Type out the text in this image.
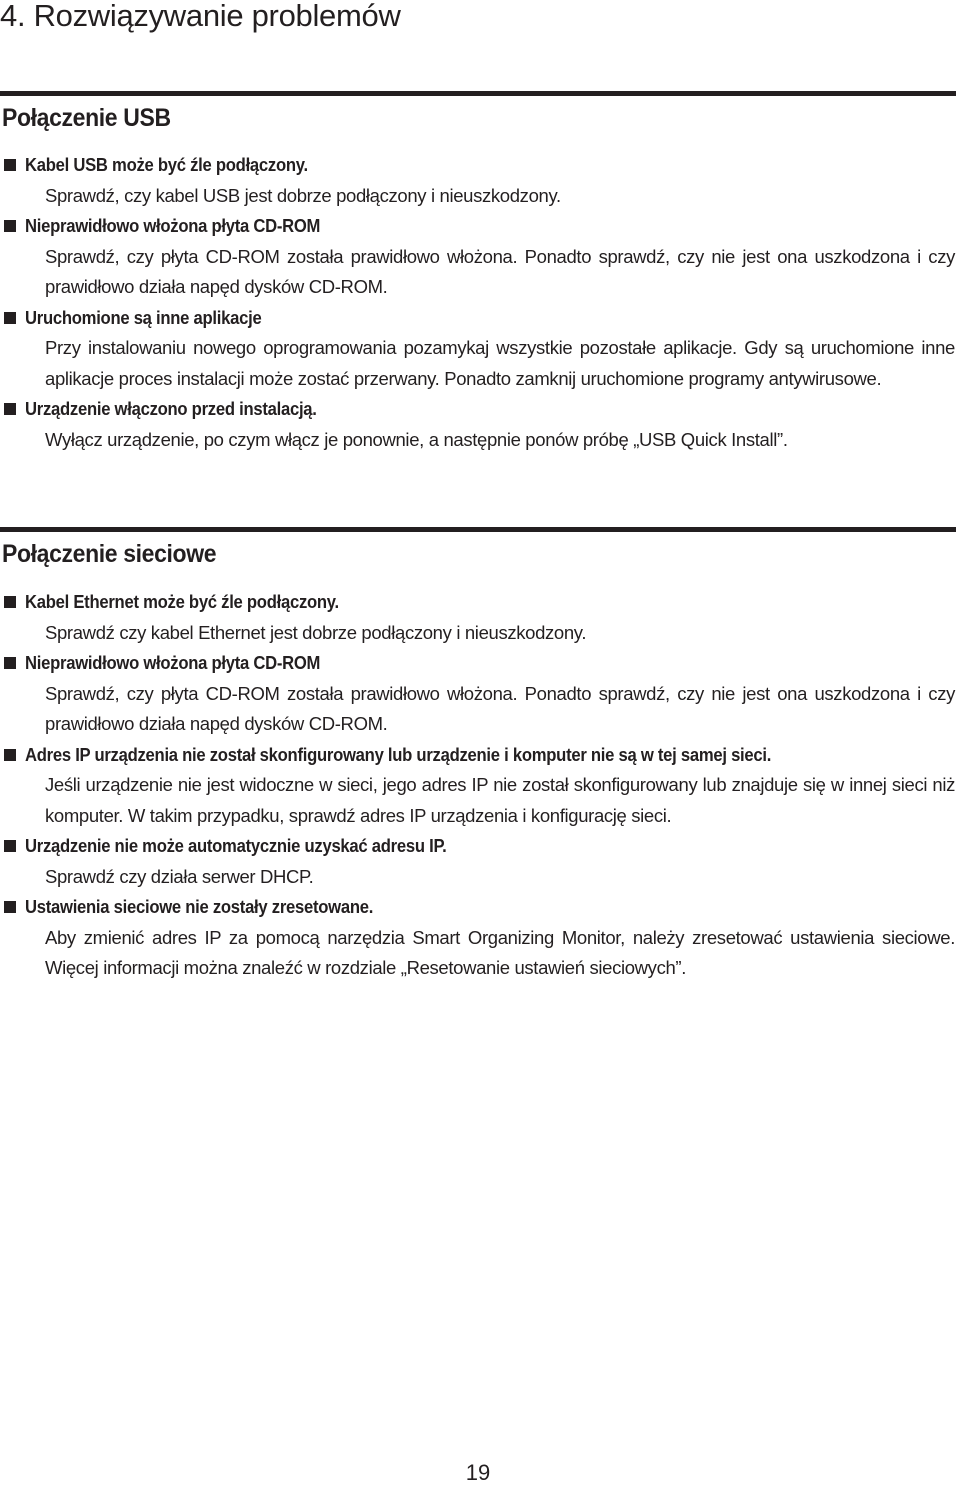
4. Rozwiązywanie problemów
Połączenie USB
Kabel USB może być źle podłączony.

Sprawdź, czy kabel USB jest dobrze podłączony i nieuszkodzony.

Nieprawidłowo włożona płyta CD-ROM

Sprawdź, czy płyta CD-ROM została prawidłowo włożona. Ponadto sprawdź, czy nie jest ona uszkodzona i czy prawidłowo działa napęd dysków CD-ROM.

Uruchomione są inne aplikacje

Przy instalowaniu nowego oprogramowania pozamykaj wszystkie pozostałe aplikacje. Gdy są uruchomione inne aplikacje proces instalacji może zostać przerwany. Ponadto zamknij uruchomione programy antywirusowe.

Urządzenie włączono przed instalacją.

Wyłącz urządzenie, po czym włącz je ponownie, a następnie ponów próbę „USB Quick Install”.

Połączenie sieciowe
Kabel Ethernet może być źle podłączony.

Sprawdź czy kabel Ethernet jest dobrze podłączony i nieuszkodzony.

Nieprawidłowo włożona płyta CD-ROM

Sprawdź, czy płyta CD-ROM została prawidłowo włożona. Ponadto sprawdź, czy nie jest ona uszkodzona i czy prawidłowo działa napęd dysków CD-ROM.

Adres IP urządzenia nie został skonfigurowany lub urządzenie i komputer nie są w tej samej sieci.

Jeśli urządzenie nie jest widoczne w sieci, jego adres IP nie został skonfigurowany lub znajduje się w innej sieci niż komputer. W takim przypadku, sprawdź adres IP urządzenia i konfigurację sieci.

Urządzenie nie może automatycznie uzyskać adresu IP.

Sprawdź czy działa serwer DHCP.

Ustawienia sieciowe nie zostały zresetowane.

Aby zmienić adres IP za pomocą narzędzia Smart Organizing Monitor, należy zresetować ustawienia sieciowe. Więcej informacji można znaleźć w rozdziale „Resetowanie ustawień sieciowych”.

19
